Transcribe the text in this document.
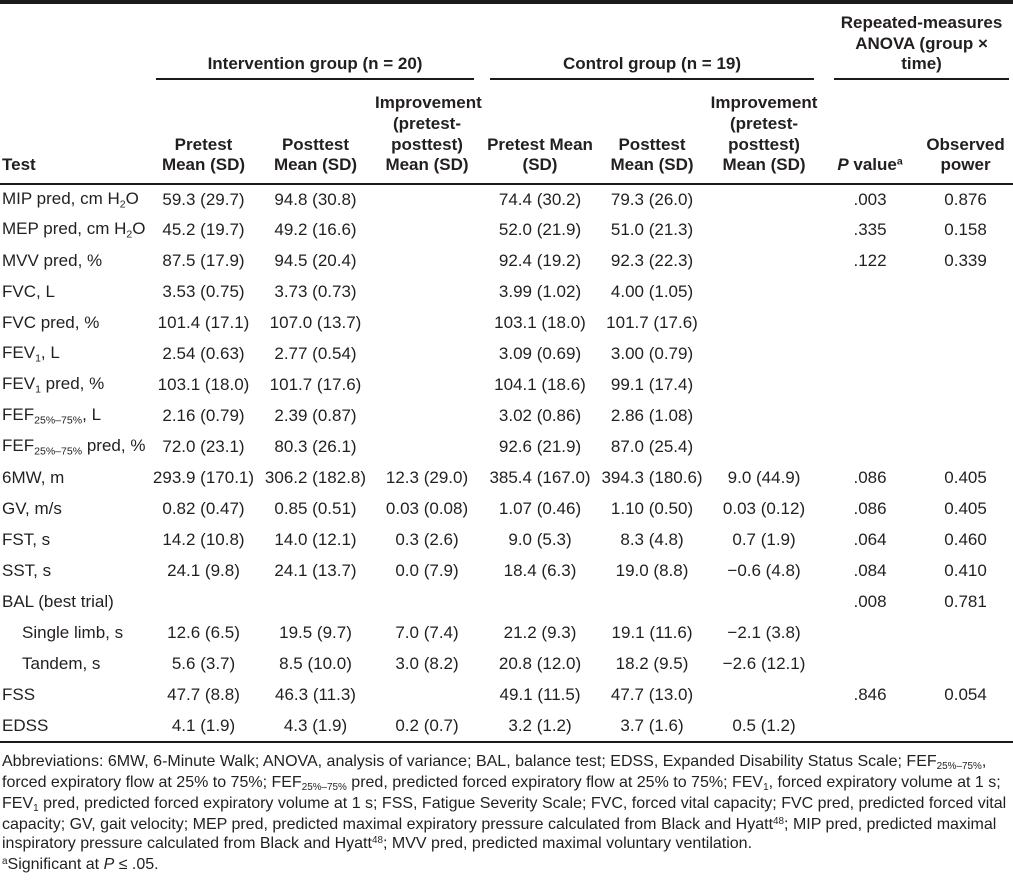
	Intervention group (n = 20)			Control group (n = 19)			Repeated-measures ANOVA (group × time)	

Test	Pretest Mean (SD)	Posttest Mean (SD)	Improvement (pretest-posttest) Mean (SD)	Pretest Mean (SD)	Posttest Mean (SD)	Improvement (pretest-posttest) Mean (SD)	P value$^a$	Observed power
MIP pred, cm $H_2O$	59.3 (29.7)	94.8 (30.8)		74.4 (30.2)	79.3 (26.0)		.003	0.876
MEP pred, cm $H_2O$	45.2 (19.7)	49.2 (16.6)		52.0 (21.9)	51.0 (21.3)		.335	0.158
MVV pred, %	87.5 (17.9)	94.5 (20.4)		92.4 (19.2)	92.3 (22.3)		.122	0.339
FVC, L	3.53 (0.75)	3.73 (0.73)		3.99 (1.02)	4.00 (1.05)			
FVC pred, %	101.4 (17.1)	107.0 (13.7)		103.1 (18.0)	101.7 (17.6)			
$FEV_1$, L	2.54 (0.63)	2.77 (0.54)		3.09 (0.69)	3.00 (0.79)			
$FEV_1$ pred, %	103.1 (18.0)	101.7 (17.6)		104.1 (18.6)	99.1 (17.4)			
$FEF_{25\%-75\%}$, L	2.16 (0.79)	2.39 (0.87)		3.02 (0.86)	2.86 (1.08)			
$FEF_{25\%-75\%}$ pred, %	72.0 (23.1)	80.3 (26.1)		92.6 (21.9)	87.0 (25.4)			
6MW, m	293.9 (170.1)	306.2 (182.8)	12.3 (29.0)	385.4 (167.0)	394.3 (180.6)	9.0 (44.9)	.086	0.405
GV, m/s	0.82 (0.47)	0.85 (0.51)	0.03 (0.08)	1.07 (0.46)	1.10 (0.50)	0.03 (0.12)	.086	0.405
FST, s	14.2 (10.8)	14.0 (12.1)	0.3 (2.6)	9.0 (5.3)	8.3 (4.8)	0.7 (1.9)	.064	0.460
SST, s	24.1 (9.8)	24.1 (13.7)	0.0 (7.9)	18.4 (6.3)	19.0 (8.8)	−0.6 (4.8)	.084	0.410
BAL (best trial)							.008	0.781
Single limb, s	12.6 (6.5)	19.5 (9.7)	7.0 (7.4)	21.2 (9.3)	19.1 (11.6)	−2.1 (3.8)		
Tandem, s	5.6 (3.7)	8.5 (10.0)	3.0 (8.2)	20.8 (12.0)	18.2 (9.5)	−2.6 (12.1)		
FSS	47.7 (8.8)	46.3 (11.3)		49.1 (11.5)	47.7 (13.0)		.846	0.054
EDSS	4.1 (1.9)	4.3 (1.9)	0.2 (0.7)	3.2 (1.2)	3.7 (1.6)	0.5 (1.2)		

Abbreviations: 6MW, 6-Minute Walk; ANOVA, analysis of variance; BAL, balance test; EDSS, Expanded Disability Status Scale; $FEF_{25\%-75\%}$, forced expiratory flow at 25% to 75%; $FEF_{25\%-75\%}$ pred, predicted forced expiratory flow at 25% to 75%; $FEV_1$, forced expiratory volume at 1 s; $FEV_1$ pred, predicted forced expiratory volume at 1 s; FSS, Fatigue Severity Scale; FVC, forced vital capacity; FVC pred, predicted forced vital capacity; GV, gait velocity; MEP pred, predicted maximal expiratory pressure calculated from Black and Hyatt$^{48}$; MIP pred, predicted maximal inspiratory pressure calculated from Black and Hyatt$^{48}$; MVV pred, predicted maximal voluntary ventilation.

$^a$Significant at P ≤ .05.
